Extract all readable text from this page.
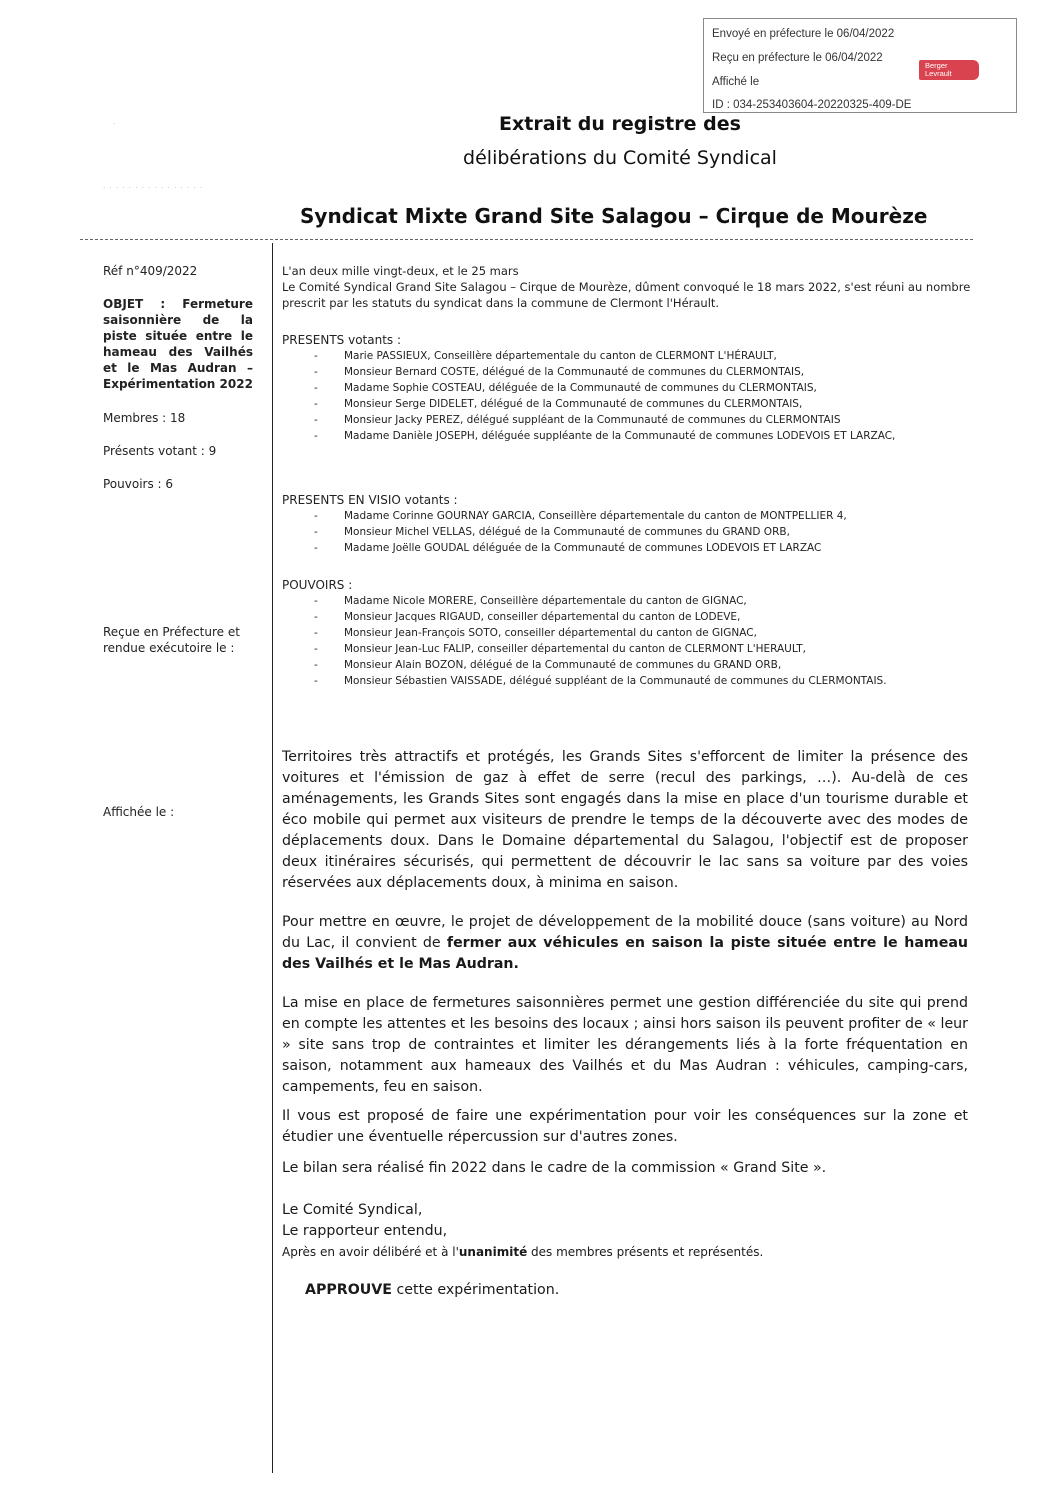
Envoyé en préfecture le 06/04/2022
Reçu en préfecture le 06/04/2022
Affiché le
ID : 034-253403604-20220325-409-DE
Berger
Levrault
·
. . . . . . . . . . . . . . . .
Extrait du registre des
délibérations du Comité Syndical
Syndicat Mixte Grand Site Salagou – Cirque de Mourèze
Réf n°409/2022
OBJET : Fermeture saisonnière de la piste située entre le hameau des Vailhés et le Mas Audran – Expérimentation 2022
Membres : 18
Présents votant : 9
Pouvoirs : 6
Reçue en Préfecture et rendue exécutoire le :
Affichée le :
L'an deux mille vingt-deux, et le 25 mars
Le Comité Syndical Grand Site Salagou – Cirque de Mourèze, dûment convoqué le 18 mars 2022, s'est réuni au nombre prescrit par les statuts du syndicat dans la commune de Clermont l'Hérault.
PRESENTS votants :
- Marie PASSIEUX, Conseillère départementale du canton de CLERMONT L'HÉRAULT,
- Monsieur Bernard COSTE, délégué de la Communauté de communes du CLERMONTAIS,
- Madame Sophie COSTEAU, déléguée de la Communauté de communes du CLERMONTAIS,
- Monsieur Serge DIDELET, délégué de la Communauté de communes du CLERMONTAIS,
- Monsieur Jacky PEREZ, délégué suppléant de la Communauté de communes du CLERMONTAIS
- Madame Danièle JOSEPH, déléguée suppléante de la Communauté de communes LODEVOIS ET LARZAC,
PRESENTS EN VISIO votants :
- Madame Corinne GOURNAY GARCIA, Conseillère départementale du canton de MONTPELLIER 4,
- Monsieur Michel VELLAS, délégué de la Communauté de communes du GRAND ORB,
- Madame Joëlle GOUDAL déléguée de la Communauté de communes LODEVOIS ET LARZAC
POUVOIRS :
- Madame Nicole MORERE, Conseillère départementale du canton de GIGNAC,
- Monsieur Jacques RIGAUD, conseiller départemental du canton de LODEVE,
- Monsieur Jean-François SOTO, conseiller départemental du canton de GIGNAC,
- Monsieur Jean-Luc FALIP, conseiller départemental du canton de CLERMONT L'HERAULT,
- Monsieur Alain BOZON, délégué de la Communauté de communes du GRAND ORB,
- Monsieur Sébastien VAISSADE, délégué suppléant de la Communauté de communes du CLERMONTAIS.
Territoires très attractifs et protégés, les Grands Sites s'efforcent de limiter la présence des voitures et l'émission de gaz à effet de serre (recul des parkings, …). Au-delà de ces aménagements, les Grands Sites sont engagés dans la mise en place d'un tourisme durable et éco mobile qui permet aux visiteurs de prendre le temps de la découverte avec des modes de déplacements doux. Dans le Domaine départemental du Salagou, l'objectif est de proposer deux itinéraires sécurisés, qui permettent de découvrir le lac sans sa voiture par des voies réservées aux déplacements doux, à minima en saison.
Pour mettre en œuvre, le projet de développement de la mobilité douce (sans voiture) au Nord du Lac, il convient de fermer aux véhicules en saison la piste située entre le hameau des Vailhés et le Mas Audran.
La mise en place de fermetures saisonnières permet une gestion différenciée du site qui prend en compte les attentes et les besoins des locaux ; ainsi hors saison ils peuvent profiter de « leur » site sans trop de contraintes et limiter les dérangements liés à la forte fréquentation en saison, notamment aux hameaux des Vailhés et du Mas Audran : véhicules, camping-cars, campements, feu en saison.
Il vous est proposé de faire une expérimentation pour voir les conséquences sur la zone et étudier une éventuelle répercussion sur d'autres zones.
Le bilan sera réalisé fin 2022 dans le cadre de la commission « Grand Site ».
Le Comité Syndical,
Le rapporteur entendu,
Après en avoir délibéré et à l'unanimité des membres présents et représentés.
APPROUVE cette expérimentation.
